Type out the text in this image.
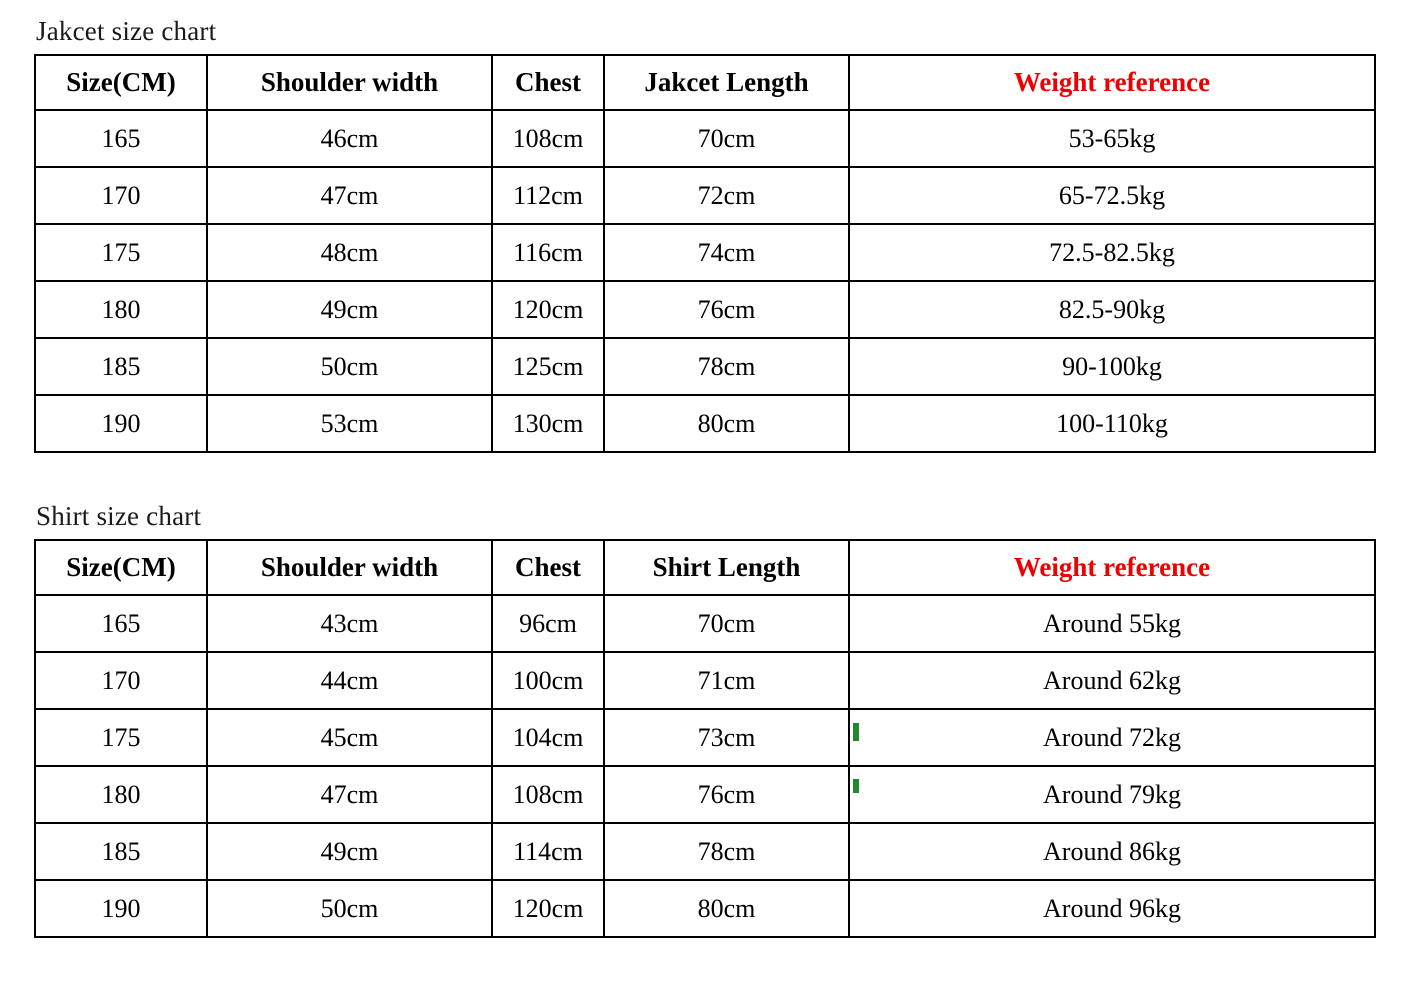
Jakcet size chart
Size(CM)	Shoulder width	Chest	Jakcet Length	Weight reference
165	46cm	108cm	70cm	53-65kg
170	47cm	112cm	72cm	65-72.5kg
175	48cm	116cm	74cm	72.5-82.5kg
180	49cm	120cm	76cm	82.5-90kg
185	50cm	125cm	78cm	90-100kg
190	53cm	130cm	80cm	100-110kg
Shirt size chart
Size(CM)	Shoulder width	Chest	Shirt Length	Weight reference
165	43cm	96cm	70cm	Around 55kg
170	44cm	100cm	71cm	Around 62kg
175	45cm	104cm	73cm	Around 72kg
180	47cm	108cm	76cm	Around 79kg
185	49cm	114cm	78cm	Around 86kg
190	50cm	120cm	80cm	Around 96kg
